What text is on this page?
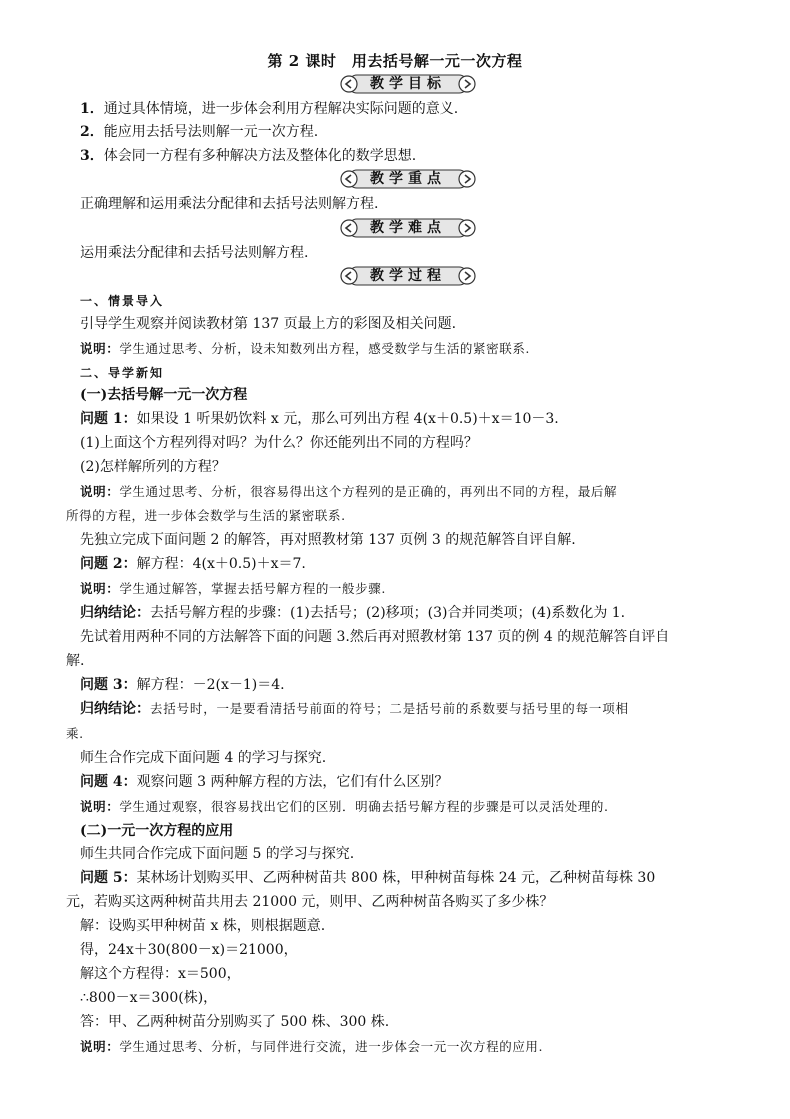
第 2 课时　用去括号解一元一次方程
教学目标
1．通过具体情境，进一步体会利用方程解决实际问题的意义.
2．能应用去括号法则解一元一次方程.
3．体会同一方程有多种解决方法及整体化的数学思想.
教学重点
正确理解和运用乘法分配律和去括号法则解方程.
教学难点
运用乘法分配律和去括号法则解方程.
教学过程
一、情景导入
引导学生观察并阅读教材第 137 页最上方的彩图及相关问题.
说明：学生通过思考、分析，设未知数列出方程，感受数学与生活的紧密联系.
二、导学新知
(一)去括号解一元一次方程
问题 1：如果设 1 听果奶饮料 x 元，那么可列出方程 4(x＋0.5)＋x＝10－3.
(1)上面这个方程列得对吗？为什么？你还能列出不同的方程吗？
(2)怎样解所列的方程？
说明：学生通过思考、分析，很容易得出这个方程列的是正确的，再列出不同的方程，最后解
所得的方程，进一步体会数学与生活的紧密联系.
先独立完成下面问题 2 的解答，再对照教材第 137 页例 3 的规范解答自评自解.
问题 2：解方程：4(x＋0.5)＋x＝7.
说明：学生通过解答，掌握去括号解方程的一般步骤.
归纳结论：去括号解方程的步骤：(1)去括号；(2)移项；(3)合并同类项；(4)系数化为 1.
先试着用两种不同的方法解答下面的问题 3.然后再对照教材第 137 页的例 4 的规范解答自评自
解.
问题 3：解方程：－2(x－1)＝4.
归纳结论：去括号时，一是要看清括号前面的符号；二是括号前的系数要与括号里的每一项相
乘.
师生合作完成下面问题 4 的学习与探究.
问题 4：观察问题 3 两种解方程的方法，它们有什么区别？
说明：学生通过观察，很容易找出它们的区别．明确去括号解方程的步骤是可以灵活处理的.
(二)一元一次方程的应用
师生共同合作完成下面问题 5 的学习与探究.
问题 5：某林场计划购买甲、乙两种树苗共 800 株，甲种树苗每株 24 元，乙种树苗每株 30
元，若购买这两种树苗共用去 21000 元，则甲、乙两种树苗各购买了多少株？
解：设购买甲种树苗 x 株，则根据题意.
得，24x＋30(800－x)＝21000，
解这个方程得：x＝500，
∴800－x＝300(株)，
答：甲、乙两种树苗分别购买了 500 株、300 株.
说明：学生通过思考、分析，与同伴进行交流，进一步体会一元一次方程的应用.
